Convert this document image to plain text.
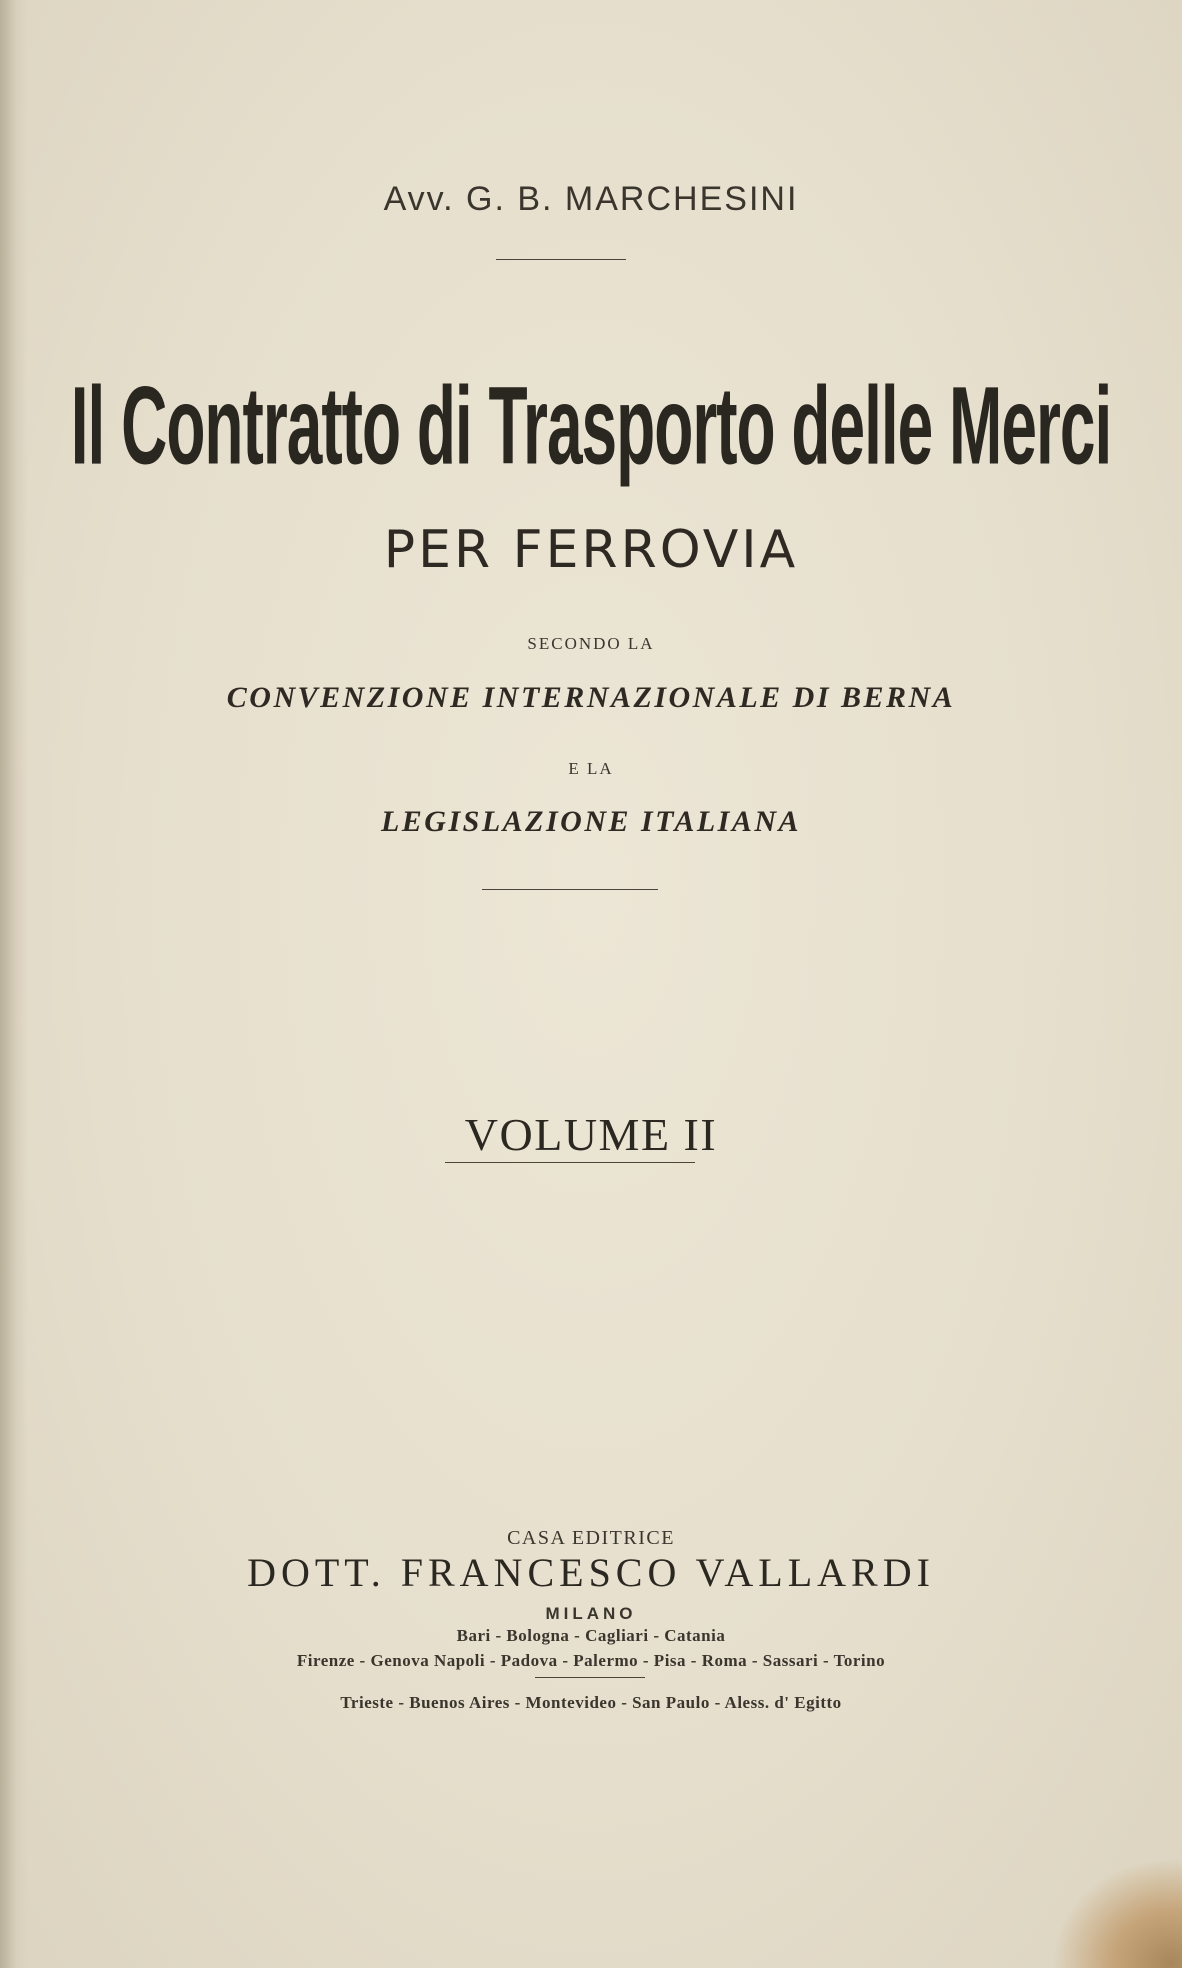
Avv. G. B. MARCHESINI
Il Contratto di Trasporto delle Merci
PER FERROVIA
SECONDO LA
CONVENZIONE INTERNAZIONALE DI BERNA
E LA
LEGISLAZIONE ITALIANA
VOLUME II
CASA EDITRICE
DOTT. FRANCESCO VALLARDI
MILANO
Bari - Bologna - Cagliari - Catania
Firenze - Genova Napoli - Padova - Palermo - Pisa - Roma - Sassari - Torino
Trieste - Buenos Aires - Montevideo - San Paulo - Aless. d' Egitto
